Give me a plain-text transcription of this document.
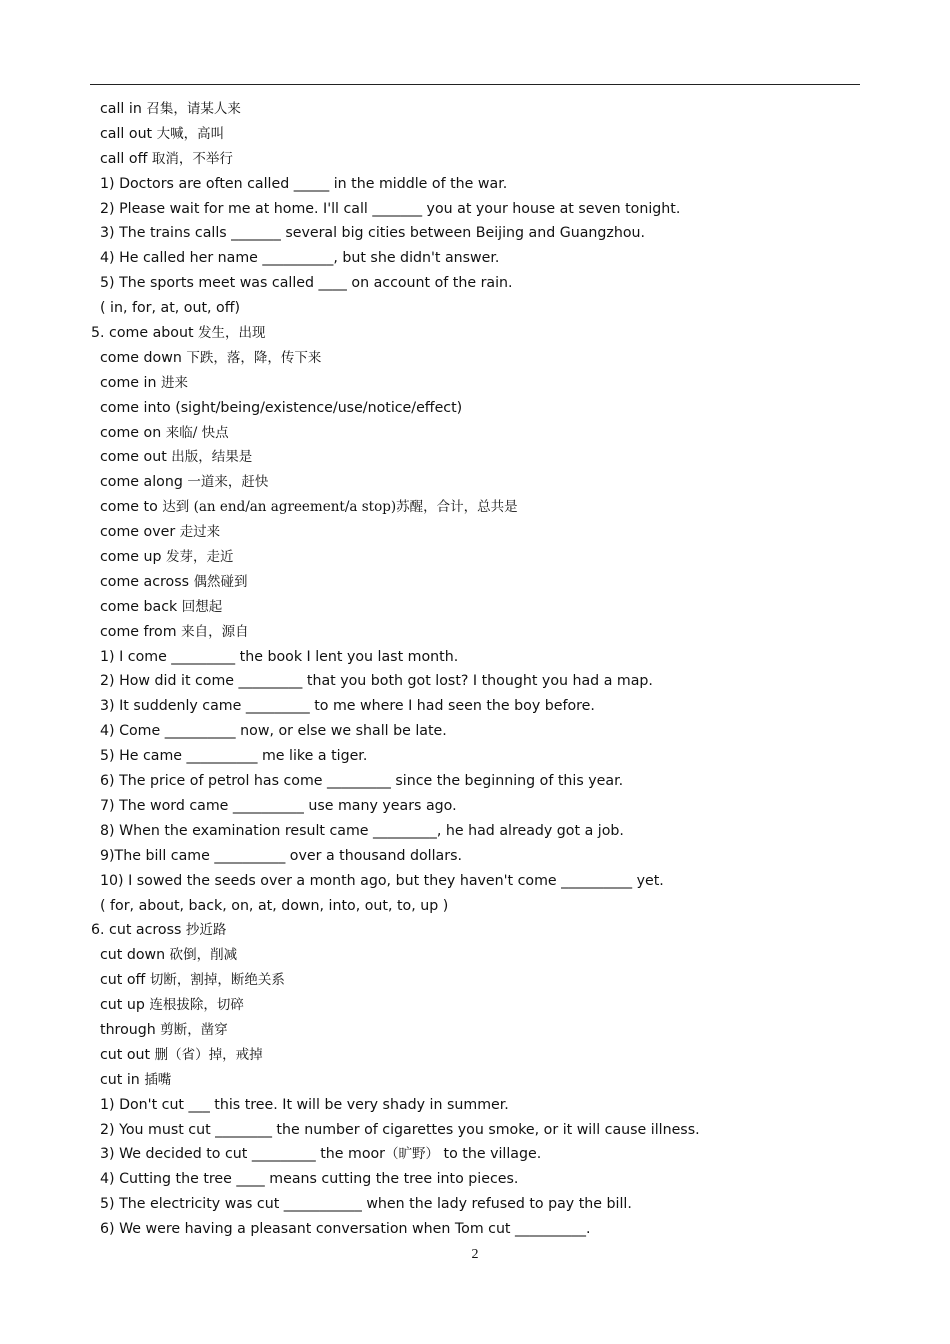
call in 召集，请某人来
call out 大喊，高叫
call off 取消，不举行
1) Doctors are often called _____ in the middle of the war.
2) Please wait for me at home. I'll call _______ you at your house at seven tonight.
3) The trains calls _______ several big cities between Beijing and Guangzhou.
4) He called her name __________, but she didn't answer.
5) The sports meet was called ____ on account of the rain.
( in, for, at, out, off)
5. come about 发生，出现
come down 下跌，落，降，传下来
come in 进来
come into (sight/being/existence/use/notice/effect)
come on 来临/ 快点
come out 出版，结果是
come along 一道来，赶快
come to 达到 (an end/an agreement/a stop)苏醒，合计，总共是
come over 走过来
come up 发芽，走近
come across 偶然碰到
come back 回想起
come from 来自，源自
1) I come _________ the book I lent you last month.
2) How did it come _________ that you both got lost? I thought you had a map.
3) It suddenly came _________ to me where I had seen the boy before.
4) Come __________ now, or else we shall be late.
5) He came __________ me like a tiger.
6) The price of petrol has come _________ since the beginning of this year.
7) The word came __________ use many years ago.
8) When the examination result came _________, he had already got a job.
9)The bill came __________ over a thousand dollars.
10) I sowed the seeds over a month ago, but they haven't come __________ yet.
( for, about, back, on, at, down, into, out, to, up )
6. cut across 抄近路
cut down 砍倒，削减
cut off 切断，割掉，断绝关系
cut up 连根拔除，切碎
through 剪断，凿穿
cut out 删（省）掉，戒掉
cut in 插嘴
1) Don't cut ___ this tree. It will be very shady in summer.
2) You must cut ________ the number of cigarettes you smoke, or it will cause illness.
3) We decided to cut _________ the moor（旷野） to the village.
4) Cutting the tree ____ means cutting the tree into pieces.
5) The electricity was cut ___________ when the lady refused to pay the bill.
6) We were having a pleasant conversation when Tom cut __________.
2
